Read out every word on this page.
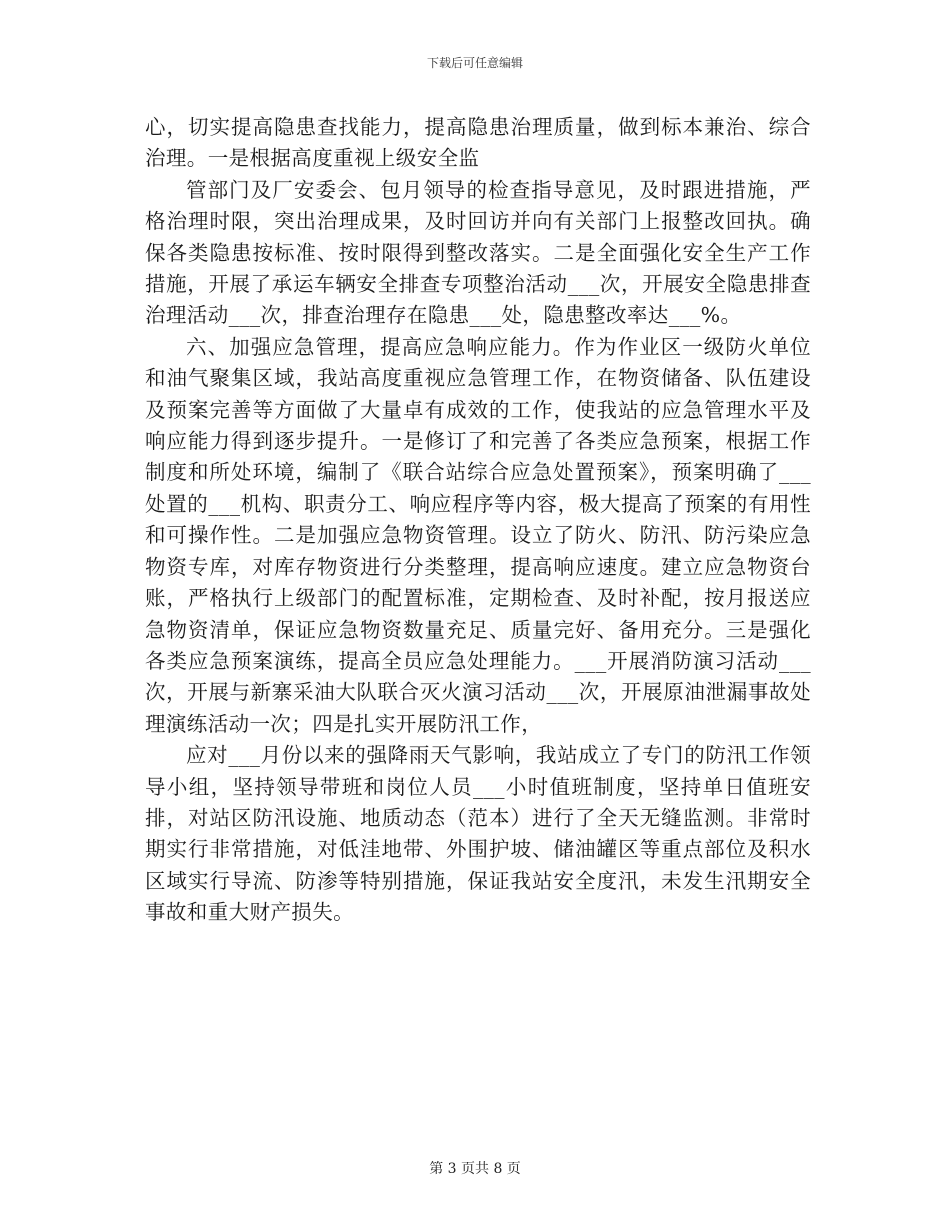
下载后可任意编辑

心，切实提高隐患查找能力，提高隐患治理质量，做到标本兼治、综合治理。一是根据高度重视上级安全监

管部门及厂安委会、包月领导的检查指导意见，及时跟进措施，严格治理时限，突出治理成果，及时回访并向有关部门上报整改回执。确保各类隐患按标准、按时限得到整改落实。二是全面强化安全生产工作措施，开展了承运车辆安全排查专项整治活动___次，开展安全隐患排查治理活动___次，排查治理存在隐患___处，隐患整改率达___%。

六、加强应急管理，提高应急响应能力。作为作业区一级防火单位和油气聚集区域，我站高度重视应急管理工作，在物资储备、队伍建设及预案完善等方面做了大量卓有成效的工作，使我站的应急管理水平及响应能力得到逐步提升。一是修订了和完善了各类应急预案，根据工作制度和所处环境，编制了《联合站综合应急处置预案》，预案明确了___处置的___机构、职责分工、响应程序等内容，极大提高了预案的有用性和可操作性。二是加强应急物资管理。设立了防火、防汛、防污染应急物资专库，对库存物资进行分类整理，提高响应速度。建立应急物资台账，严格执行上级部门的配置标准，定期检查、及时补配，按月报送应急物资清单，保证应急物资数量充足、质量完好、备用充分。三是强化各类应急预案演练，提高全员应急处理能力。___开展消防演习活动___次，开展与新寨采油大队联合灭火演习活动___次，开展原油泄漏事故处理演练活动一次；四是扎实开展防汛工作，

应对___月份以来的强降雨天气影响，我站成立了专门的防汛工作领导小组，坚持领导带班和岗位人员___小时值班制度，坚持单日值班安排，对站区防汛设施、地质动态（范本）进行了全天无缝监测。非常时期实行非常措施，对低洼地带、外围护坡、储油罐区等重点部位及积水区域实行导流、防渗等特别措施，保证我站安全度汛，未发生汛期安全事故和重大财产损失。

第 3 页共 8 页
